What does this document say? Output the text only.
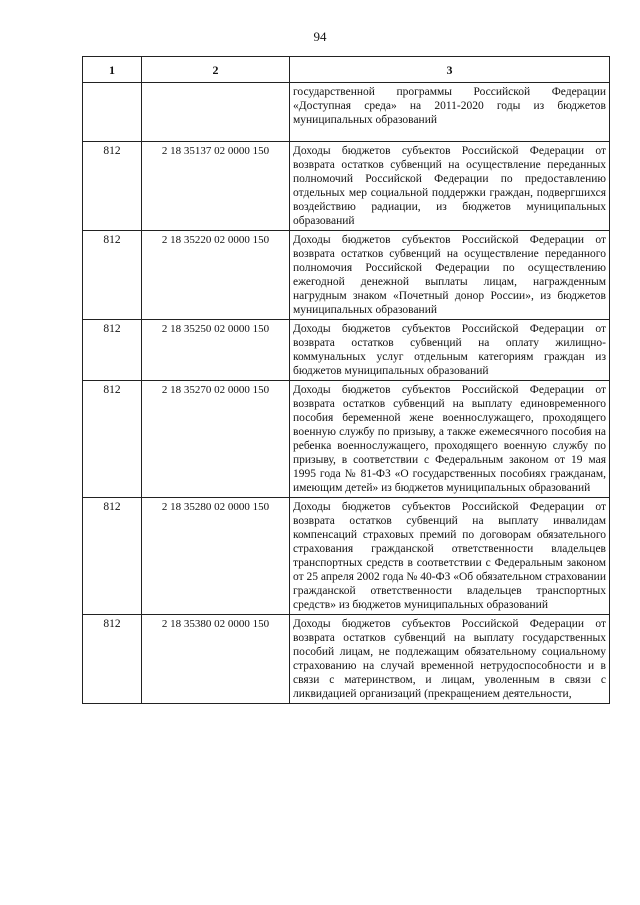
94
1	2	3
		государственной программы Российской Федерации «Доступная среда» на 2011-2020 годы из бюджетов муниципальных образований
812	2 18 35137 02 0000 150	Доходы бюджетов субъектов Российской Федерации от возврата остатков субвенций на осуществление переданных полномочий Российской Федерации по предоставлению отдельных мер социальной поддержки граждан, подвергшихся воздействию радиации, из бюджетов муниципальных образований
812	2 18 35220 02 0000 150	Доходы бюджетов субъектов Российской Федерации от возврата остатков субвенций на осуществление переданного полномочия Российской Федерации по осуществлению ежегодной денежной выплаты лицам, награжденным нагрудным знаком «Почетный донор России», из бюджетов муниципальных образований
812	2 18 35250 02 0000 150	Доходы бюджетов субъектов Российской Федерации от возврата остатков субвенций на оплату жилищно-коммунальных услуг отдельным категориям граждан из бюджетов муниципальных образований
812	2 18 35270 02 0000 150	Доходы бюджетов субъектов Российской Федерации от возврата остатков субвенций на выплату единовременного пособия беременной жене военнослужащего, проходящего военную службу по призыву, а также ежемесячного пособия на ребенка военнослужащего, проходящего военную службу по призыву, в соответствии с Федеральным законом от 19 мая 1995 года № 81-ФЗ «О государственных пособиях гражданам, имеющим детей» из бюджетов муниципальных образований
812	2 18 35280 02 0000 150	Доходы бюджетов субъектов Российской Федерации от возврата остатков субвенций на выплату инвалидам компенсаций страховых премий по договорам обязательного страхования гражданской ответственности владельцев транспортных средств в соответствии с Федеральным законом от 25 апреля 2002 года № 40-ФЗ «Об обязательном страховании гражданской ответственности владельцев транспортных средств» из бюджетов муниципальных образований
812	2 18 35380 02 0000 150	Доходы бюджетов субъектов Российской Федерации от возврата остатков субвенций на выплату государственных пособий лицам, не подлежащим обязательному социальному страхованию на случай временной нетрудоспособности и в связи с материнством, и лицам, уволенным в связи с ликвидацией организаций (прекращением деятельности,
